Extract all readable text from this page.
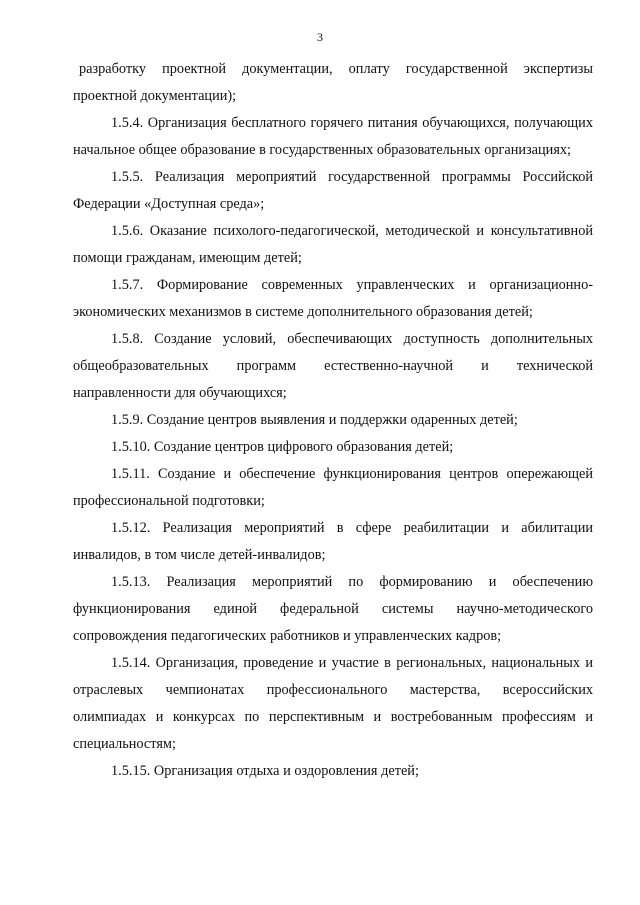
3

разработку проектной документации, оплату государственной экспертизы проектной документации);

1.5.4. Организация бесплатного горячего питания обучающихся, получающих начальное общее образование в государственных образовательных организациях;

1.5.5. Реализация мероприятий государственной программы Российской Федерации «Доступная среда»;

1.5.6. Оказание психолого-педагогической, методической и консультативной помощи гражданам, имеющим детей;

1.5.7. Формирование современных управленческих и организационно-экономических механизмов в системе дополнительного образования детей;

1.5.8. Создание условий, обеспечивающих доступность дополнительных общеобразовательных программ естественно-научной и технической направленности для обучающихся;

1.5.9. Создание центров выявления и поддержки одаренных детей;

1.5.10. Создание центров цифрового образования детей;

1.5.11. Создание и обеспечение функционирования центров опережающей профессиональной подготовки;

1.5.12. Реализация мероприятий в сфере реабилитации и абилитации инвалидов, в том числе детей-инвалидов;

1.5.13. Реализация мероприятий по формированию и обеспечению функционирования единой федеральной системы научно-методического сопровождения педагогических работников и управленческих кадров;

1.5.14. Организация, проведение и участие в региональных, национальных и отраслевых чемпионатах профессионального мастерства, всероссийских олимпиадах и конкурсах по перспективным и востребованным профессиям и специальностям;

1.5.15. Организация отдыха и оздоровления детей;
